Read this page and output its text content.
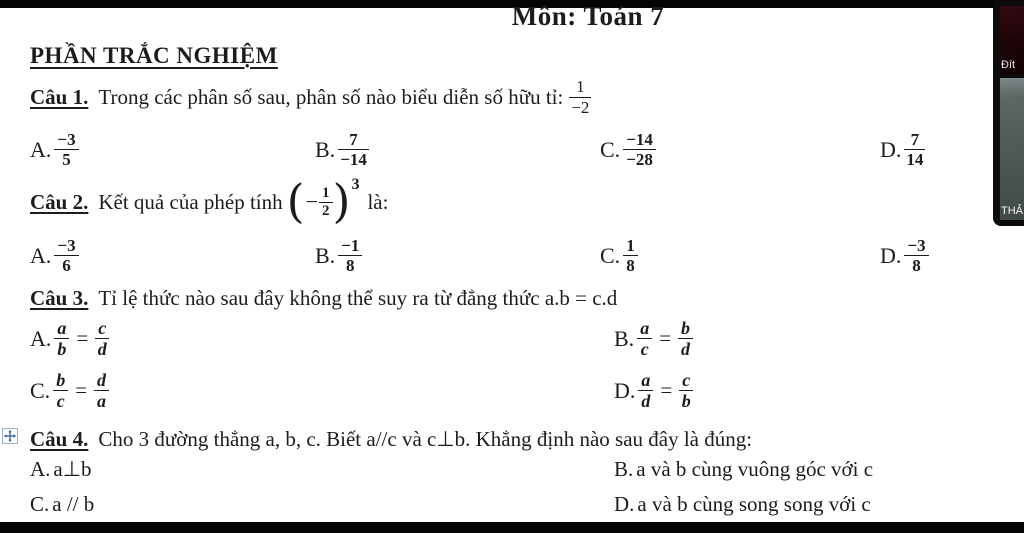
Môn: Toán 7
PHẦN TRẮC NGHIỆM
Câu 1. Trong các phân số sau, phân số nào biểu diễn số hữu tỉ: $\frac{1}{-2}$
A. $\frac{-3}{5}$	B. $\frac{7}{-14}$	C. $\frac{-14}{-28}$	D. $\frac{7}{14}$
Câu 2. Kết quả của phép tính ( − $\frac{1}{2}$ ) 3
là:
A. $\frac{-3}{6}$	B. $\frac{-1}{8}$	C. $\frac{1}{8}$	D. $\frac{-3}{8}$
Câu 3. Tỉ lệ thức nào sau đây không thể suy ra từ đẳng thức a.b = c.d
A. $\frac{a}{b} = \frac{c}{d}$	B. $\frac{a}{c} = \frac{b}{d}$
C. $\frac{b}{c} = \frac{d}{a}$	D. $\frac{a}{d} = \frac{c}{b}$
Câu 4. Cho 3 đường thẳng a, b, c. Biết a//c và c⊥b. Khẳng định nào sau đây là đúng:
A. a⊥b	B. a và b cùng vuông góc với c
C. a // b	D. a và b cùng song song với c
Đít
THẢ
